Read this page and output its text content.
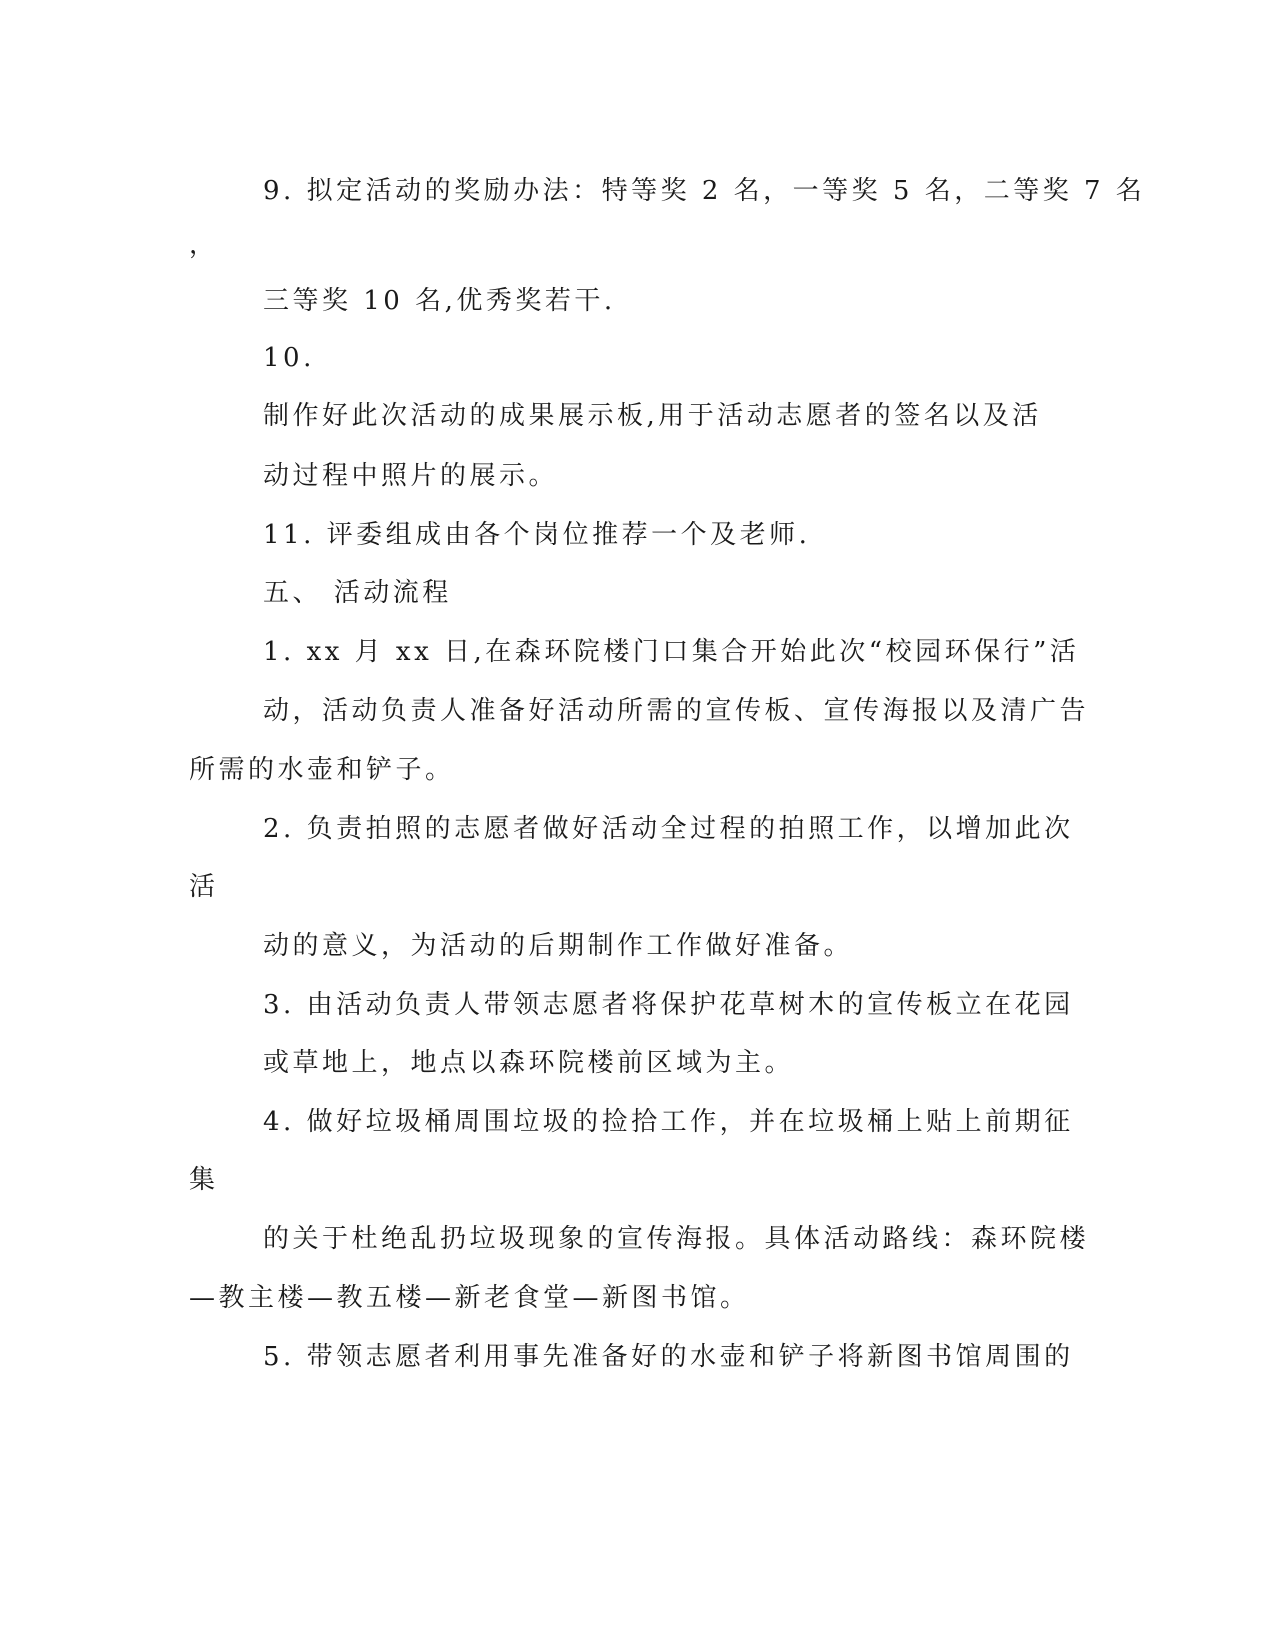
9. 拟定活动的奖励办法：特等奖 2 名，一等奖 5 名，二等奖 7 名
，
三等奖 10 名,优秀奖若干.
10.
制作好此次活动的成果展示板,用于活动志愿者的签名以及活
动过程中照片的展示。
11. 评委组成由各个岗位推荐一个及老师.
五、 活动流程
1. xx 月 xx 日,在森环院楼门口集合开始此次“校园环保行”活
动，活动负责人准备好活动所需的宣传板、宣传海报以及清广告
所需的水壶和铲子。
2. 负责拍照的志愿者做好活动全过程的拍照工作，以增加此次
活
动的意义，为活动的后期制作工作做好准备。
3. 由活动负责人带领志愿者将保护花草树木的宣传板立在花园
或草地上，地点以森环院楼前区域为主。
4. 做好垃圾桶周围垃圾的捡拾工作，并在垃圾桶上贴上前期征
集
的关于杜绝乱扔垃圾现象的宣传海报。具体活动路线：森环院楼
—教主楼—教五楼—新老食堂—新图书馆。
5. 带领志愿者利用事先准备好的水壶和铲子将新图书馆周围的
